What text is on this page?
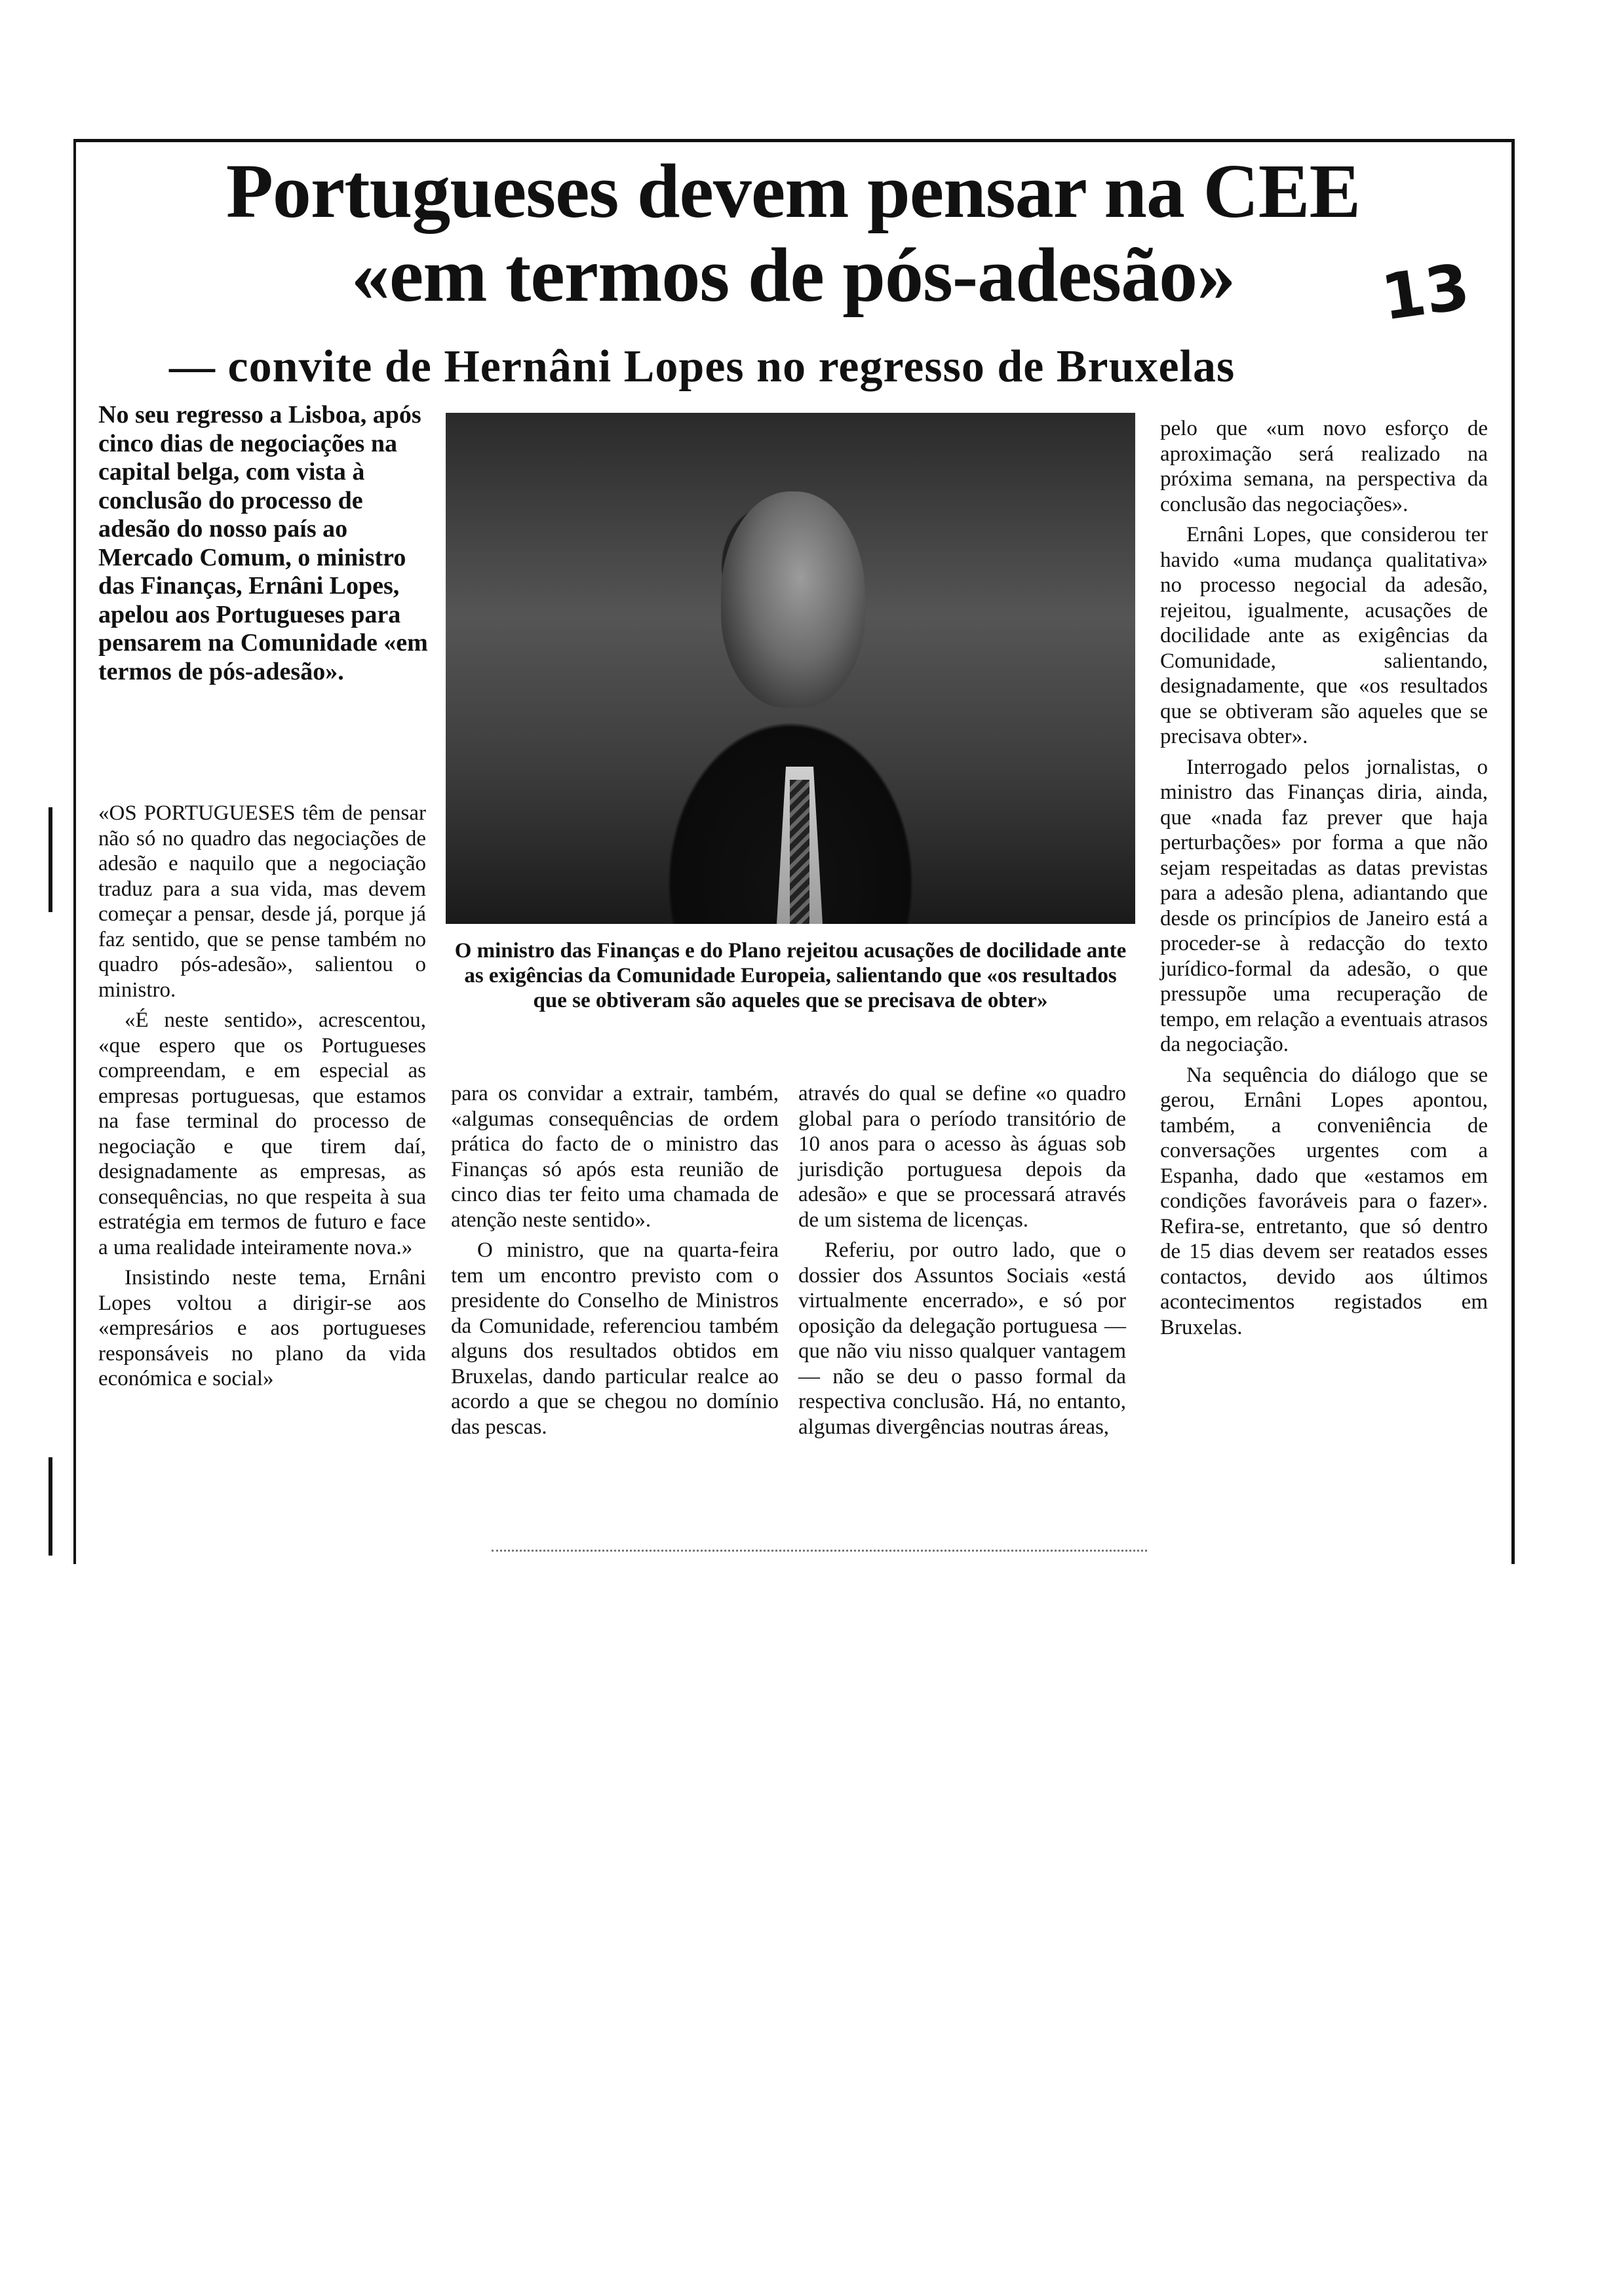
Portugueses devem pensar na CEE
«em termos de pós-adesão»	13
— convite de Hernâni Lopes no regresso de Bruxelas

No seu regresso a Lisboa, após cinco dias de negociações na capital belga, com vista à conclusão do processo de adesão do nosso país ao Mercado Comum, o ministro das Finanças, Ernâni Lopes, apelou aos Portugueses para pensarem na Comunidade «em termos de pós-adesão».

O ministro das Finanças e do Plano rejeitou acusações de docilidade ante as exigências da Comunidade Europeia, salientando que «os resultados que se obtiveram são aqueles que se precisava de obter»

«OS PORTUGUESES têm de pensar não só no quadro das negociações de adesão e naquilo que a negociação traduz para a sua vida, mas devem começar a pensar, desde já, porque já faz sentido, que se pense também no quadro pós-adesão», salientou o ministro.

«É neste sentido», acrescentou, «que espero que os Portugueses compreendam, e em especial as empresas portuguesas, que estamos na fase terminal do processo de negociação e que tirem daí, designadamente as empresas, as consequências, no que respeita à sua estratégia em termos de futuro e face a uma realidade inteiramente nova.»

Insistindo neste tema, Ernâni Lopes voltou a dirigir-se aos «empresários e aos portugueses responsáveis no plano da vida económica e social»

para os convidar a extrair, também, «algumas consequências de ordem prática do facto de o ministro das Finanças só após esta reunião de cinco dias ter feito uma chamada de atenção neste sentido».

O ministro, que na quarta-feira tem um encontro previsto com o presidente do Conselho de Ministros da Comunidade, referenciou também alguns dos resultados obtidos em Bruxelas, dando particular realce ao acordo a que se chegou no domínio das pescas.

através do qual se define «o quadro global para o período transitório de 10 anos para o acesso às águas sob jurisdição portuguesa depois da adesão» e que se processará através de um sistema de licenças.

Referiu, por outro lado, que o dossier dos Assuntos Sociais «está virtualmente encerrado», e só por oposição da delegação portuguesa — que não viu nisso qualquer vantagem — não se deu o passo formal da respectiva conclusão. Há, no entanto, algumas divergências noutras áreas,

pelo que «um novo esforço de aproximação será realizado na próxima semana, na perspectiva da conclusão das negociações».

Ernâni Lopes, que considerou ter havido «uma mudança qualitativa» no processo negocial da adesão, rejeitou, igualmente, acusações de docilidade ante as exigências da Comunidade, salientando, designadamente, que «os resultados que se obtiveram são aqueles que se precisava obter».

Interrogado pelos jornalistas, o ministro das Finanças diria, ainda, que «nada faz prever que haja perturbações» por forma a que não sejam respeitadas as datas previstas para a adesão plena, adiantando que desde os princípios de Janeiro está a proceder-se à redacção do texto jurídico-formal da adesão, o que pressupõe uma recuperação de tempo, em relação a eventuais atrasos da negociação.

Na sequência do diálogo que se gerou, Ernâni Lopes apontou, também, a conveniência de conversações urgentes com a Espanha, dado que «estamos em condições favoráveis para o fazer». Refira-se, entretanto, que só dentro de 15 dias devem ser reatados esses contactos, devido aos últimos acontecimentos registados em Bruxelas.
